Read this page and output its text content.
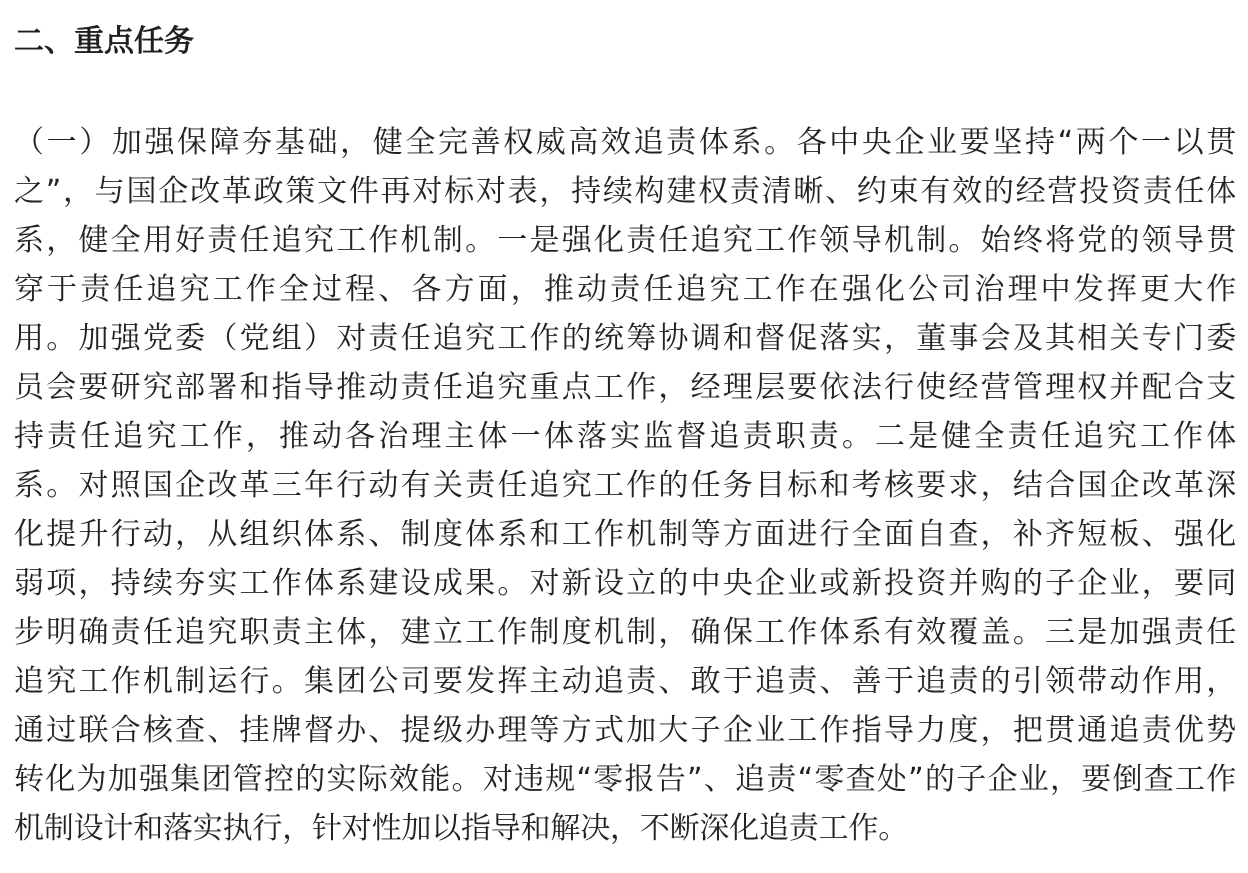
二、重点任务
（一）加强保障夯基础，健全完善权威高效追责体系。各中央企业要坚持“两个一以贯
之”，与国企改革政策文件再对标对表，持续构建权责清晰、约束有效的经营投资责任体
系，健全用好责任追究工作机制。一是强化责任追究工作领导机制。始终将党的领导贯
穿于责任追究工作全过程、各方面，推动责任追究工作在强化公司治理中发挥更大作
用。加强党委（党组）对责任追究工作的统筹协调和督促落实，董事会及其相关专门委
员会要研究部署和指导推动责任追究重点工作，经理层要依法行使经营管理权并配合支
持责任追究工作，推动各治理主体一体落实监督追责职责。二是健全责任追究工作体
系。对照国企改革三年行动有关责任追究工作的任务目标和考核要求，结合国企改革深
化提升行动，从组织体系、制度体系和工作机制等方面进行全面自查，补齐短板、强化
弱项，持续夯实工作体系建设成果。对新设立的中央企业或新投资并购的子企业，要同
步明确责任追究职责主体，建立工作制度机制，确保工作体系有效覆盖。三是加强责任
追究工作机制运行。集团公司要发挥主动追责、敢于追责、善于追责的引领带动作用，
通过联合核查、挂牌督办、提级办理等方式加大子企业工作指导力度，把贯通追责优势
转化为加强集团管控的实际效能。对违规“零报告”、追责“零查处”的子企业，要倒查工作
机制设计和落实执行，针对性加以指导和解决，不断深化追责工作。
